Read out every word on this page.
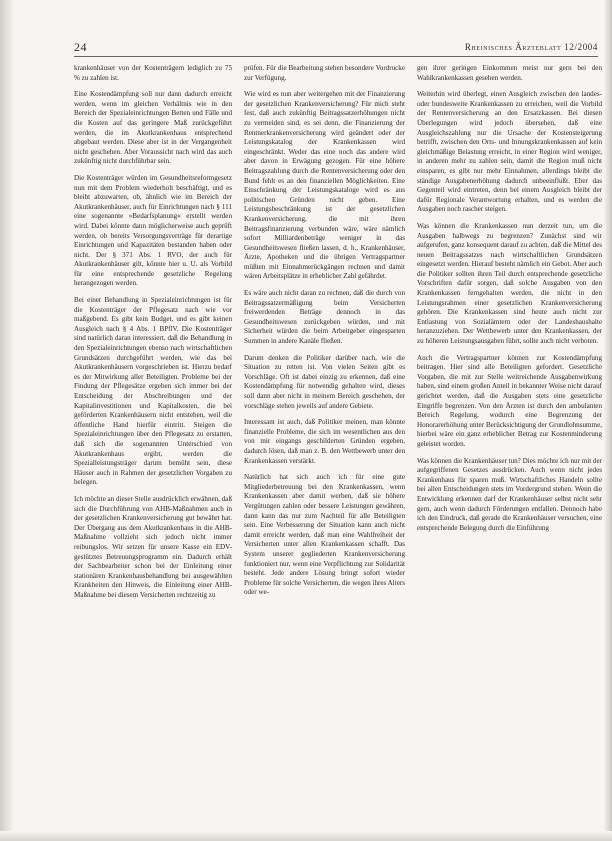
24	Rheinisches Ärzteblatt 12/2004

krankenhäuser von der Kostenträgern lediglich zu 75 % zu zahlen ist.

Eine Kostendämpfung soll nur dann dadurch erreicht werden, wenn im gleichen Verhältnis wie in den Bereich der Spezialeinrichtungen Betten und Fälle und die Kosten auf das geringere Maß zurückgeführt werden, die im Akutkrankenhaus entsprechend abgebaut werden. Diese aber ist in der Vergangenheit nicht geschehen. Aber Voraussicht nach wird das auch zukünftig nicht durchführbar sein.

Die Kostenträger würden im Gesundheitsreformgesetz nun mit dem Problem wiederholt beschäftigt, und es bleibt abzuwarten, ob, ähnlich wie im Bereich der Akutkrankenhäuser, auch für Einrichtungen nach § 111 eine sogenannte »Bedarfsplanung« erstellt werden wird. Dabei könnte dann möglicherweise auch geprüft werden, ob bereits Versorgungsverträge für derartige Einrichtungen und Kapazitäten bestanden haben oder nicht. Der § 371 Abs. 1 RVO, der auch für Akutkrankenhäuser gilt, könnte hier u. U. als Vorbild für eine entsprechende gesetzliche Regelung herangezogen werden.

Bei einer Behandlung in Spezialeinrichtungen ist für die Kostenträger der Pflegesatz nach wie vor maßgebend. Es gibt kein Budget, und es gibt keinen Ausgleich nach § 4 Abs. 1 BPflV. Die Kostenträger sind natürlich daran interessiert, daß die Behandlung in den Spezialeinrichtungen ebenso nach wirtschaftlichen Grundsätzen durchgeführt werden, wie das bei Akutkrankenhäusern vorgeschrieben ist. Hierzu bedarf es der Mitwirkung aller Beteiligten. Probleme bei der Findung der Pflegesätze ergeben sich immer bei der Entscheidung der Abschreibungen und der Kapitalinvestitionen und Kapitalkosten, die bei geförderten Krankenhäusern nicht entstehen, weil die öffentliche Hand hierfür eintritt. Steigen die Spezialeinrichtungen über den Pflegesatz zu erstatten, daß sich die sogenannten Unterschied von Akutkrankenhaus ergibt, werden die Spezialleistungsträger darum bemüht sein, diese Häuser auch in Rahmen der gesetzlichen Vorgaben zu belegen.

Ich möchte an dieser Stelle ausdrücklich erwähnen, daß sich die Durchführung von AHB-Maßnahmen auch in der gesetzlichen Krankenversicherung gut bewährt hat. Der Übergang aus dem Akutkrankenhaus in die AHB-Maßnahme vollzieht sich jedoch nicht immer reibungslos. Wir setzen für unsere Kasse ein EDV-gestütztes Betreuungsprogramm ein. Dadurch erhält der Sachbearbeiter schon bei der Einleitung einer stationären Krankenhausbehandlung bei ausgewählten Krankheiten den Hinweis, die Einleitung einer AHB-Maßnahme bei diesem Versicherten rechtzeitig zu

prüfen. Für die Bearbeitung stehen besondere Vordrucke zur Verfügung.

Wie wird es nun aber weitergehen mit der Finanzierung der gesetzlichen Krankenversicherung? Für mich steht fest, daß auch zukünftig Beitragssatzerhöhungen nicht zu vermeiden sind, es sei denn, die Finanzierung der Rentnerkrankenversicherung wird geändert oder der Leistungskatalog der Krankenkassen wird eingeschränkt. Weder das eine noch das andere wird aber davon in Erwägung gezogen. Für eine höhere Beitragszahlung durch die Rentenversicherung oder den Bund fehlt es an den finanziellen Möglichkeiten. Eine Einschränkung der Leistungskataloge wird es aus politischen Gründen nicht geben. Eine Leistungsbeschränkung ist der gesetzlichen Krankenversicherung, die mit ihren Beitragsfinanzierung verbunden wäre, wäre nämlich sofort Milliardenbeträge weniger in das Gesundheitswesen fließen lassen, d. h., Krankenhäuser, Ärzte, Apotheken und die übrigen Vertragspartner müßten mit Einnahmerückgängen rechnen und damit wären Arbeitsplätze in erheblicher Zahl gefährdet.

Es wäre auch nicht daran zu rechnen, daß die durch von Beitragssatzermäßigung beim Versicherten freiwerdenden Beträge dennoch in das Gesundheitswesen zurückgeben würden, und mit Sicherheit würden die beim Arbeitgeber eingesparten Summen in andere Kanäle fließen.

Darum denken die Politiker darüber nach, wie die Situation zu retten ist. Von vielen Seiten gibt es Vorschläge. Oft ist dabei einzig zu erkennen, daß eine Kostendämpfung für notwendig gehalten wird, dieses soll dann aber nicht in meinem Bereich geschehen, der vorschläge stehen jeweils auf andere Gebiete.

Interessant ist auch, daß Politiker meinen, man könnte finanzielle Probleme, die sich im wesentlichen aus den von mir eingangs geschilderten Gründen ergeben, dadurch lösen, daß man z. B. den Wettbewerb unter den Krankenkassen verstärkt.

Natürlich hat sich auch ich für eine gute Mitgliederbetreuung bei den Krankenkassen, wenn Krankenkassen aber damit werben, daß sie höhere Vergütungen zahlen oder bessere Leistungen gewähren, dann kann das nur zum Nachteil für alle Beteiligten sein. Eine Verbesserung der Situation kann auch nicht damit erreicht werden, daß man eine Wahlfreiheit der Versicherten unter allen Krankenkassen schafft. Das System unserer gegliederten Krankenversicherung funktioniert nur, wenn eine Verpflichtung zur Solidarität besteht. Jede andere Lösung bringt sofort wieder Probleme für solche Versicherten, die wegen ihres Alters oder we-

gen ihrer geringen Einkommen meist nur gern bei den Wahlkrankenkassen gesehen werden.

Weiterhin wird überlegt, einen Ausgleich zwischen den landes- oder bundesweite Krankenkassen zu erreichen, weil die Vorbild der Rentenversicherung an den Ersatzkassen. Bei diesen Überlegungen wird jedoch übersehen, daß eine Ausgleichszahlung nur die Ursache der Kostensteigerung betrifft, zwischen den Orts- und Innungskrankenkassen auf kein gleichmäßige Belastung erreicht, in einer Region wird weniger, in anderen mehr zu zahlen sein, damit die Region muß nicht einsparen, es gibt nur mehr Einnahmen, allerdings bleibt die ständige Ausgabenerhöhung dadurch unbeeinflußt. Eher das Gegenteil wird eintreten, denn bei einem Ausgleich bleibt der dafür Regionale Verantwortung erhalten, und es werden die Ausgaben noch rascher steigen.

Was können die Krankenkassen nun derzeit tun, um die Ausgaben halbwegs zu begrenzen? Zunächst sind wir aufgerufen, ganz konsequent darauf zu achten, daß die Mittel des neuen Beitragssatzes nach wirtschaftlichen Grundsätzen eingesetzt werden. Hierauf besteht nämlich ein Gebot. Aber auch die Politiker sollten ihren Teil durch entsprechende gesetzliche Vorschriften dafür sorgen, daß solche Ausgaben von den Krankenkassen ferngehalten werden, die nicht in den Leistungsrahmen einer gesetzlichen Krankenversicherung gehören. Die Krankenkassen sind heute auch nicht zur Entlastung von Sozialämtern oder der Landeshaushalte heranzuziehen. Der Wettbewerb unter den Krankenkassen, der zu höheren Leistungsausgaben führt, sollte auch nicht verboten.

Auch die Vertragspartner können zur Kostendämpfung beitragen. Hier sind alle Beteiligten gefordert. Gesetzliche Vorgaben, die mit zur Stelle weitreichende Ausgabenwirkung haben, sind einem großen Anteil in bekannter Weise nicht darauf gerichtet werden, daß die Ausgaben stets eine gesetzliche Eingriffe begrenzen. Von den Ärzten ist durch den ambulanten Bereich Regelung, wodurch eine Begrenzung der Honorarerhöhung unter Berücksichtigung der Grundlohnsumme, hierbei wäre ein ganz erheblicher Betrag zur Kostenminderung geleistet worden.

Was können die Krankenhäuser tun? Dies möchte ich nur mit der aufgegriffenen Gesetzes ausdrücken. Auch wenn nicht jedes Krankenhaus für sparen muß. Wirtschaftliches Handeln sollte bei allen Entscheidungen stets im Vordergrund stehen. Wenn die Entwicklung erkennen darf der Krankenhäuser selbst nicht sehr gern, auch wenn dadurch Förderungen entfallen. Dennoch habe ich den Eindruck, daß gerade die Krankenhäuser versuchen, eine entsprechende Belegung durch die Einführung
